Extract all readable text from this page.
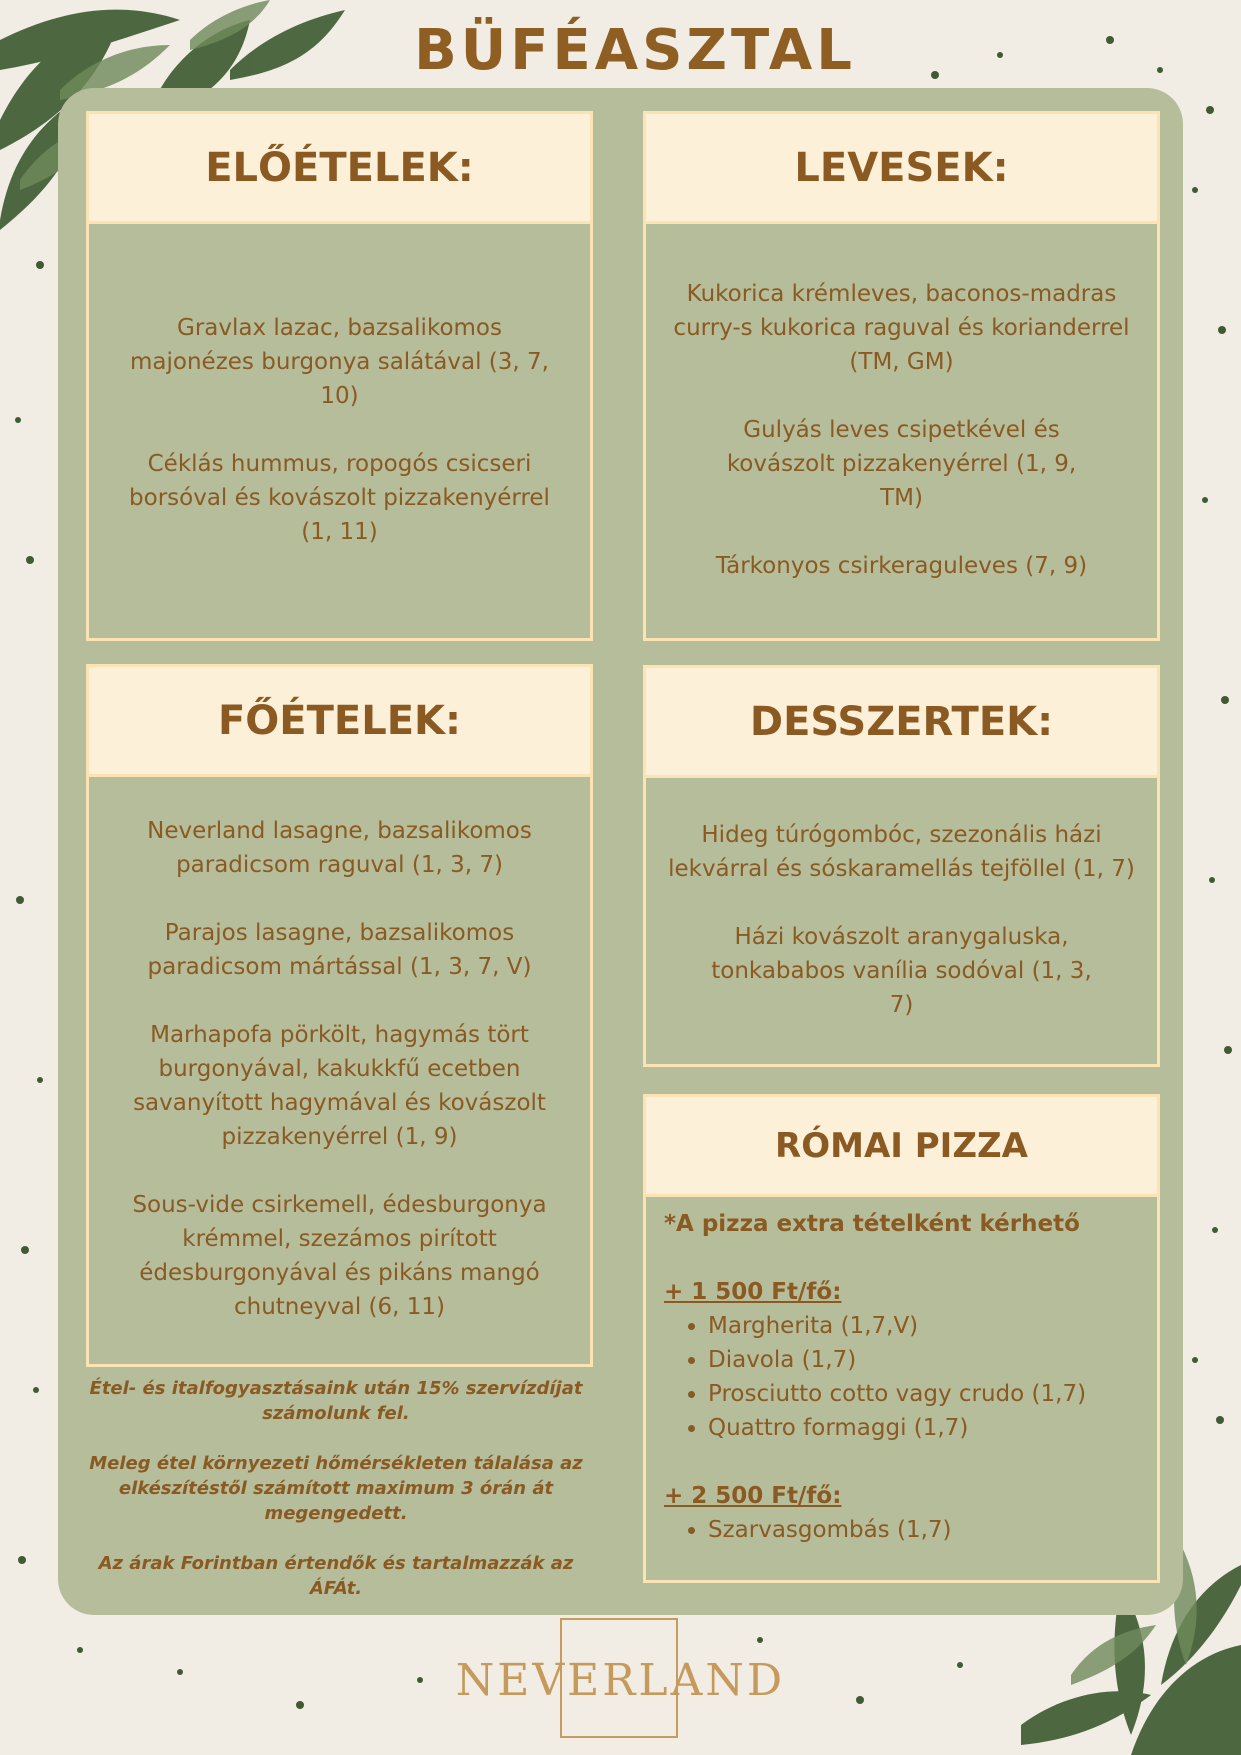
BÜFÉASZTAL
ELŐÉTELEK:

Gravlax lazac, bazsalikomos majonézes burgonya salátával (3, 7, 10)

Céklás hummus, ropogós csicseri borsóval és kovászolt pizzakenyérrel (1, 11)

LEVESEK:

Kukorica krémleves, baconos-madras curry-s kukorica raguval és korianderrel (TM, GM)

Gulyás leves csipetkével és kovászolt pizzakenyérrel (1, 9, TM)

Tárkonyos csirkeraguleves (7, 9)

FŐÉTELEK:

Neverland lasagne, bazsalikomos paradicsom raguval (1, 3, 7)

Parajos lasagne, bazsalikomos paradicsom mártással (1, 3, 7, V)

Marhapofa pörkölt, hagymás tört burgonyával, kakukkfű ecetben savanyított hagymával és kovászolt pizzakenyérrel (1, 9)

Sous-vide csirkemell, édesburgonya krémmel, szezámos pirított édesburgonyával és pikáns mangó chutneyval (6, 11)

DESSZERTEK:

Hideg túrógombóc, szezonális házi lekvárral és sóskaramellás tejföllel (1, 7)

Házi kovászolt aranygaluska, tonkababos vanília sodóval (1, 3, 7)

RÓMAI PIZZA
*A pizza extra tételként kérhető
+ 1 500 Ft/fő:
• Margherita (1,7,V)
• Diavola (1,7)
• Prosciutto cotto vagy crudo (1,7)
• Quattro formaggi (1,7)
+ 2 500 Ft/fő:
• Szarvasgombás (1,7)

Étel- és italfogyasztásaink után 15% szervízdíjat számolunk fel.

Meleg étel környezeti hőmérsékleten tálalása az elkészítéstől számított maximum 3 órán át megengedett.

Az árak Forintban értendők és tartalmazzák az ÁFÁt.

NEVERLAND
